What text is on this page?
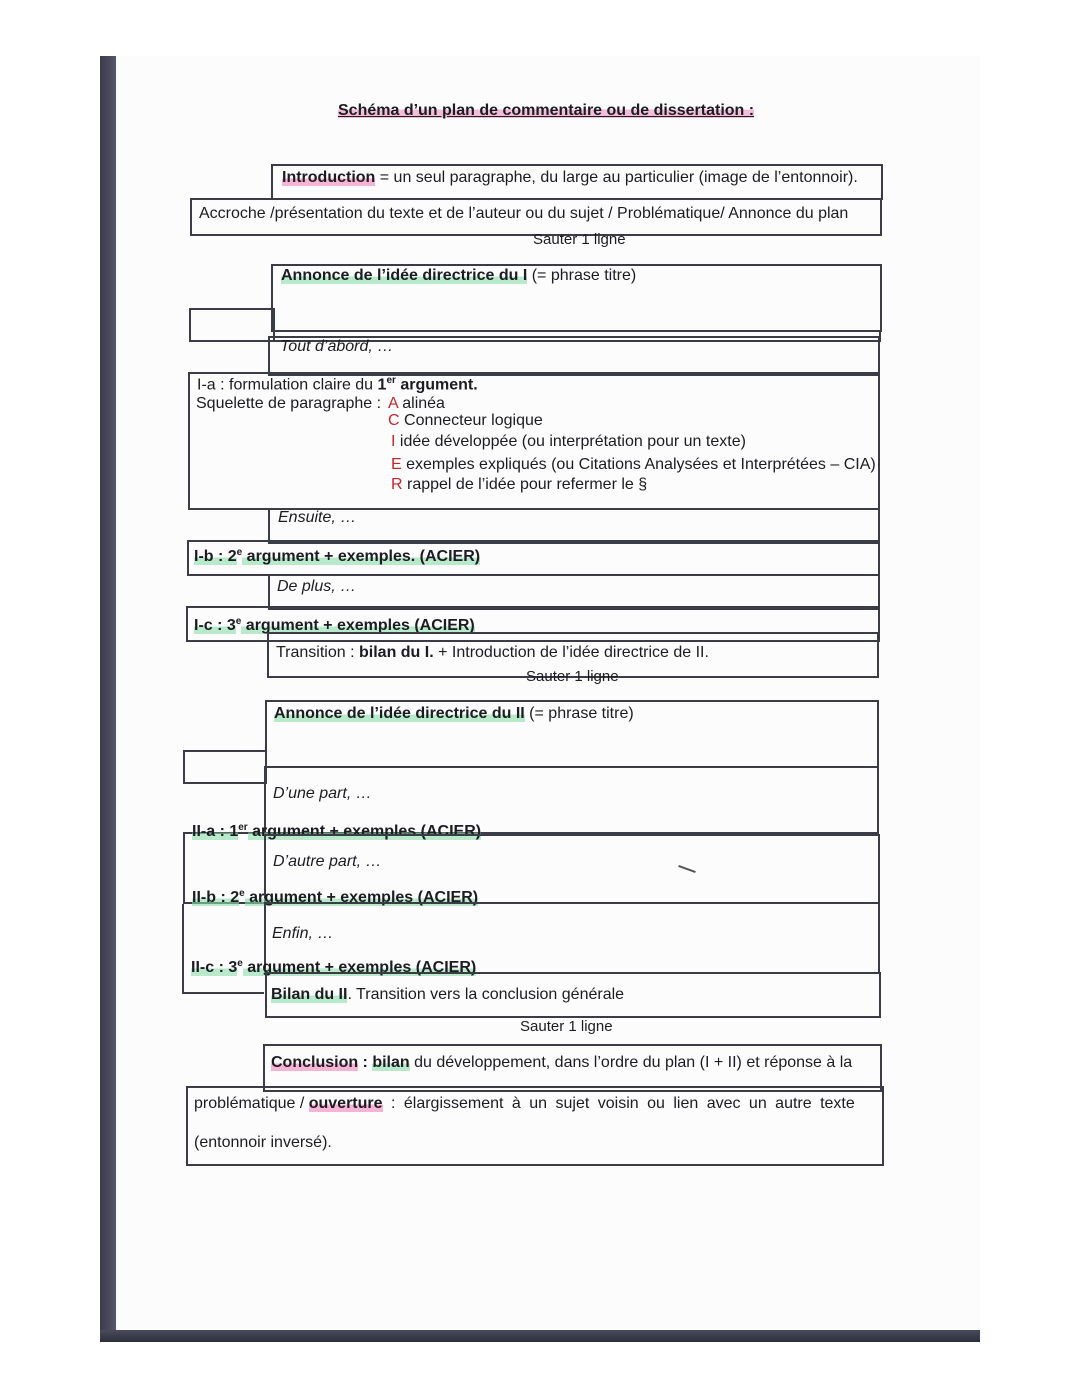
Schéma d’un plan de commentaire ou de dissertation :
Introduction = un seul paragraphe, du large au particulier (image de l’entonnoir).
Accroche /présentation du texte et de l’auteur ou du sujet / Problématique/ Annonce du plan
Sauter 1 ligne
Annonce de l’idée directrice du I (= phrase titre)
Tout d’abord, …
I-a : formulation claire du 1er argument.
Squelette de paragraphe : A alinéa
C Connecteur logique
I idée développée (ou interprétation pour un texte)
E exemples expliqués (ou Citations Analysées et Interprétées – CIA)
R rappel de l’idée pour refermer le §
Ensuite, …
I-b : 2e argument + exemples. (ACIER)
De plus, …
I-c : 3e argument + exemples (ACIER)
Transition : bilan du I. + Introduction de l’idée directrice de II.
Sauter 1 ligne
Annonce de l’idée directrice du II (= phrase titre)
D’une part, …
II-a : 1er argument + exemples (ACIER)
D’autre part, …
II-b : 2e argument + exemples (ACIER)
Enfin, …
II-c : 3e argument + exemples (ACIER)
Bilan du II. Transition vers la conclusion générale
Sauter 1 ligne
Conclusion : bilan du développement, dans l’ordre du plan (I + II) et réponse à la
problématique / ouverture : élargissement à un sujet voisin ou lien avec un autre texte
(entonnoir inversé).
